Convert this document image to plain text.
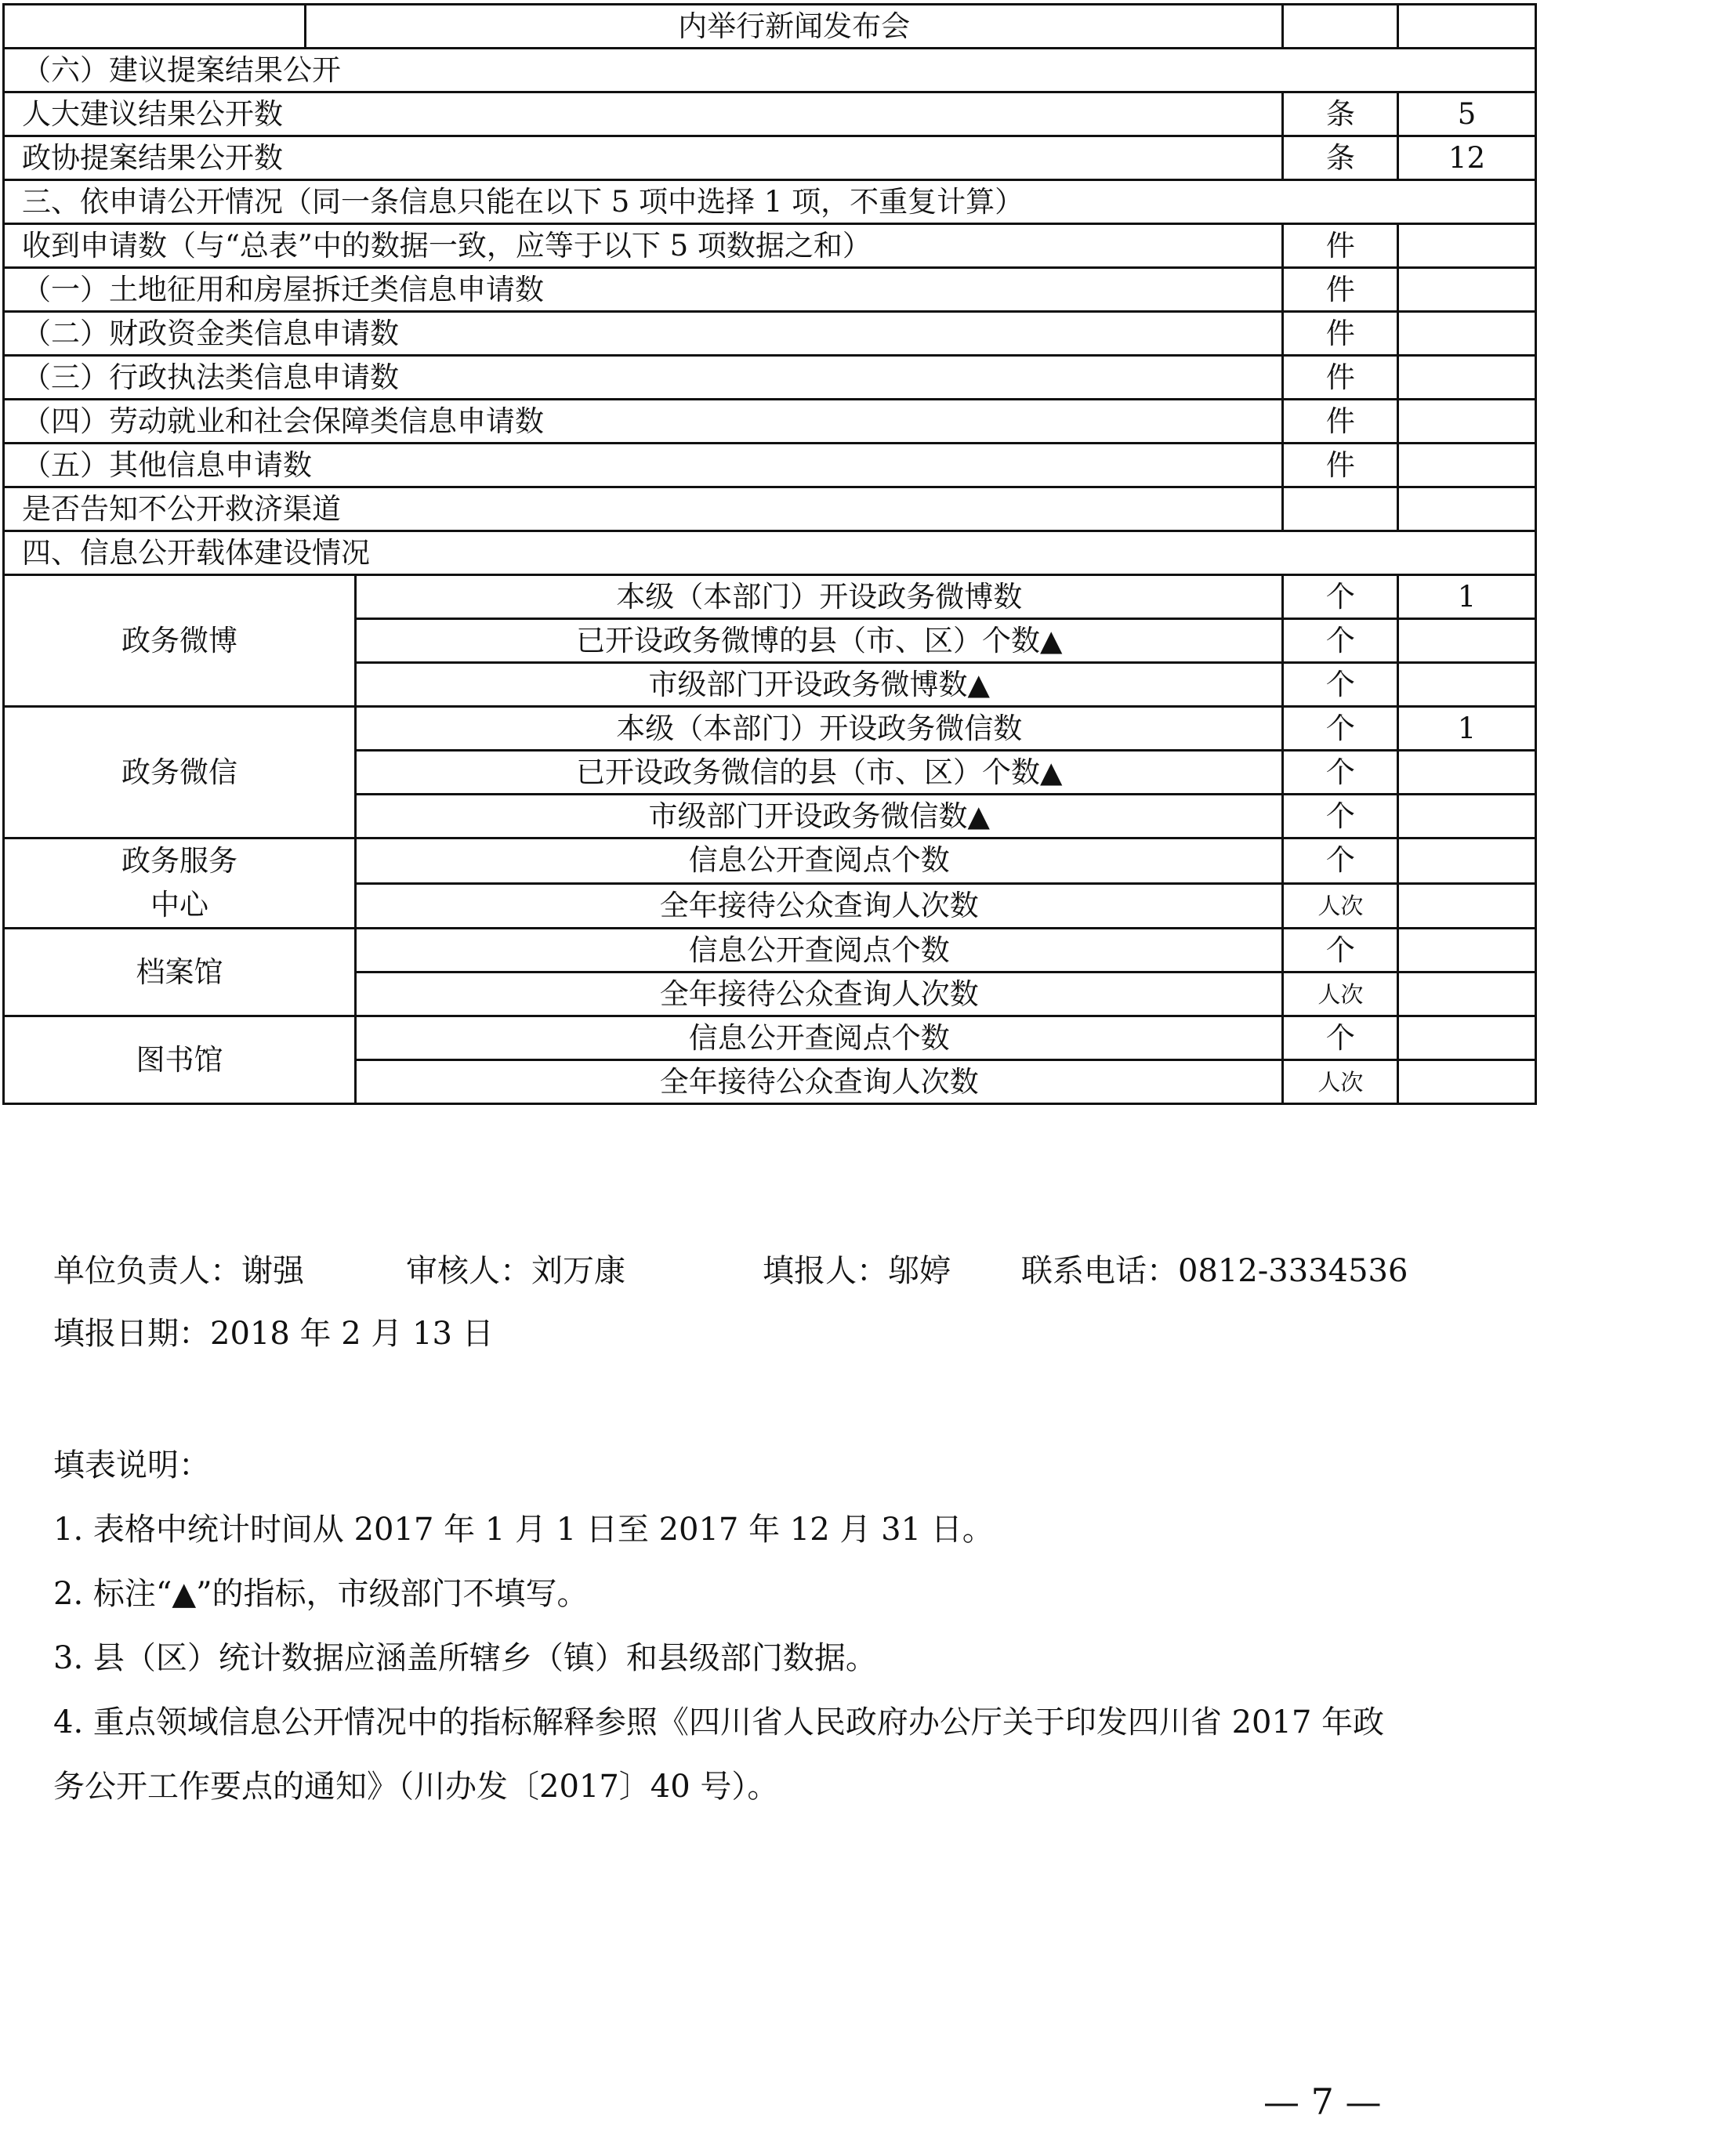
	内举行新闻发布会			
（六）建议提案结果公开				
人大建议结果公开数			条	5
政协提案结果公开数			条	12
三、依申请公开情况（同一条信息只能在以下 5 项中选择 1 项，不重复计算）				
收到申请数（与“总表”中的数据一致，应等于以下 5 项数据之和）			件	
（一）土地征用和房屋拆迁类信息申请数			件	
（二）财政资金类信息申请数			件	
（三）行政执法类信息申请数			件	
（四）劳动就业和社会保障类信息申请数			件	
（五）其他信息申请数			件	
是否告知不公开救济渠道				
四、信息公开载体建设情况				
政务微博		本级（本部门）开设政务微博数	个	1
		已开设政务微博的县（市、区）个数▲	个	
		市级部门开设政务微博数▲	个	
政务微信		本级（本部门）开设政务微信数	个	1
		已开设政务微信的县（市、区）个数▲	个	
		市级部门开设政务微信数▲	个	

政务服务
中心		信息公开查阅点个数	个	
		全年接待公众查询人次数	人次	
档案馆		信息公开查阅点个数	个	
		全年接待公众查询人次数	人次	
图书馆		信息公开查阅点个数	个	
		全年接待公众查询人次数	人次	
单位负责人：谢强	审核人：刘万康	填报人：邬婷 联系电话：0812-3334536
填报日期：2018 年 2 月 13 日
填表说明：
1. 表格中统计时间从 2017 年 1 月 1 日至 2017 年 12 月 31 日。
2. 标注“▲”的指标，市级部门不填写。
3. 县（区）统计数据应涵盖所辖乡（镇）和县级部门数据。
4. 重点领域信息公开情况中的指标解释参照《四川省人民政府办公厅关于印发四川省 2017 年政
务公开工作要点的通知》（川办发〔2017〕40 号）。
— 7 —
